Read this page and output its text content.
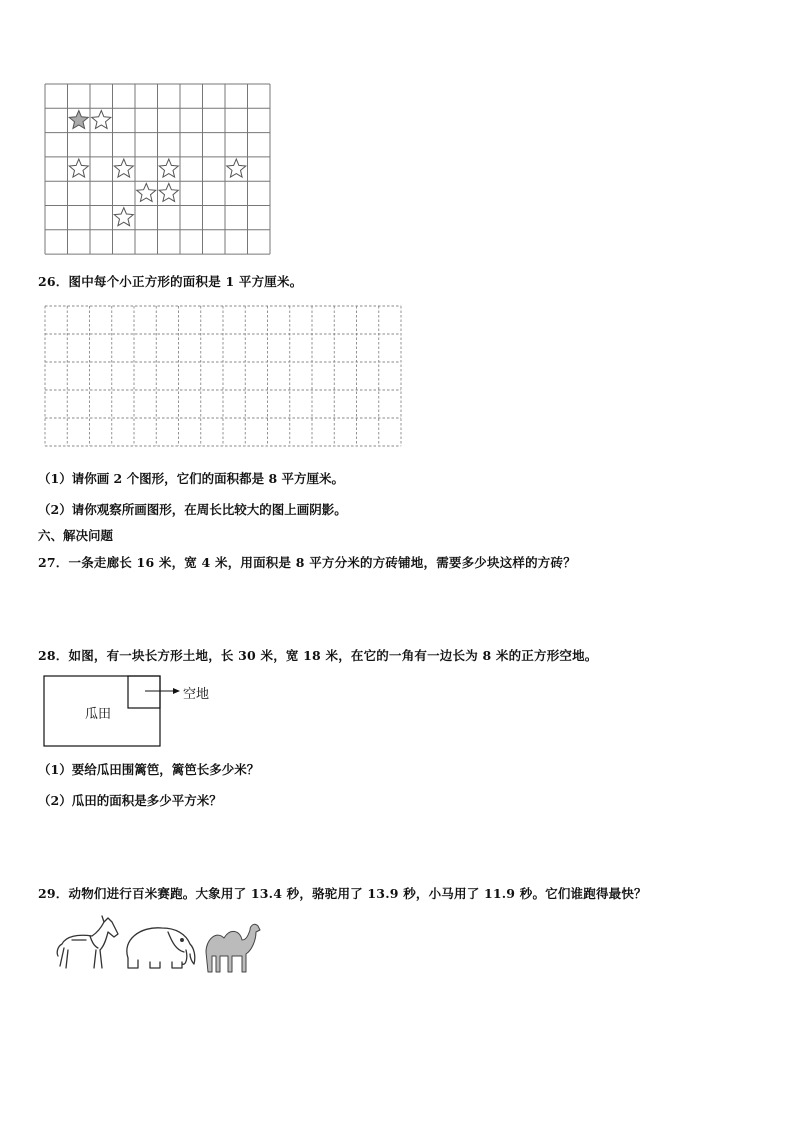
26．图中每个小正方形的面积是 1 平方厘米。
（1）请你画 2 个图形，它们的面积都是 8 平方厘米。
（2）请你观察所画图形，在周长比较大的图上画阴影。
六、解决问题
27．一条走廊长 16 米，宽 4 米，用面积是 8 平方分米的方砖铺地，需要多少块这样的方砖？
28．如图，有一块长方形土地，长 30 米，宽 18 米，在它的一角有一边长为 8 米的正方形空地。
瓜田
空地
（1）要给瓜田围篱笆，篱笆长多少米？
（2）瓜田的面积是多少平方米？
29．动物们进行百米赛跑。大象用了 13.4 秒，骆驼用了 13.9 秒，小马用了 11.9 秒。它们谁跑得最快？
